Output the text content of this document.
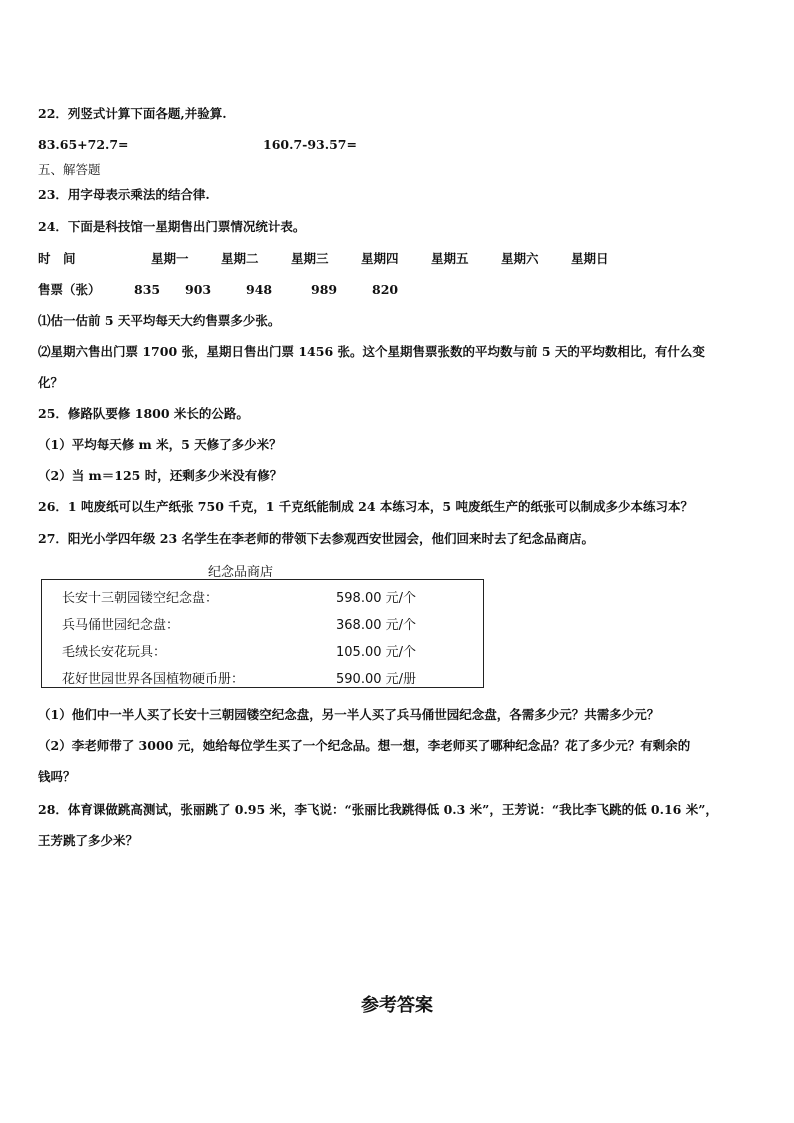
22．列竖式计算下面各题,并验算.
83.65+72.7=	160.7-93.57=
五、解答题
23．用字母表示乘法的结合律.
24．下面是科技馆一星期售出门票情况统计表。
时　间	星期一	星期二	星期三	星期四	星期五	星期六	星期日
售票（张）	835 903	948	989	820
⑴估一估前 5 天平均每天大约售票多少张。
⑵星期六售出门票 1700 张，星期日售出门票 1456 张。这个星期售票张数的平均数与前 5 天的平均数相比，有什么变
化？
25．修路队要修 1800 米长的公路。
（1）平均每天修 m 米，5 天修了多少米？
（2）当 m＝125 时，还剩多少米没有修？
26．1 吨废纸可以生产纸张 750 千克，1 千克纸能制成 24 本练习本，5 吨废纸生产的纸张可以制成多少本练习本？
27．阳光小学四年级 23 名学生在李老师的带领下去参观西安世园会，他们回来时去了纪念品商店。
纪念品商店
长安十三朝园镂空纪念盘：	598.00 元/个
兵马俑世园纪念盘：	368.00 元/个
毛绒长安花玩具：	105.00 元/个
花好世园世界各国植物硬币册：	590.00 元/册
（1）他们中一半人买了长安十三朝园镂空纪念盘，另一半人买了兵马俑世园纪念盘，各需多少元？共需多少元？
（2）李老师带了 3000 元，她给每位学生买了一个纪念品。想一想，李老师买了哪种纪念品？花了多少元？有剩余的
钱吗？
28．体育课做跳高测试，张丽跳了 0.95 米，李飞说：“张丽比我跳得低 0.3 米”，王芳说：“我比李飞跳的低 0.16 米”，
王芳跳了多少米？
参考答案
